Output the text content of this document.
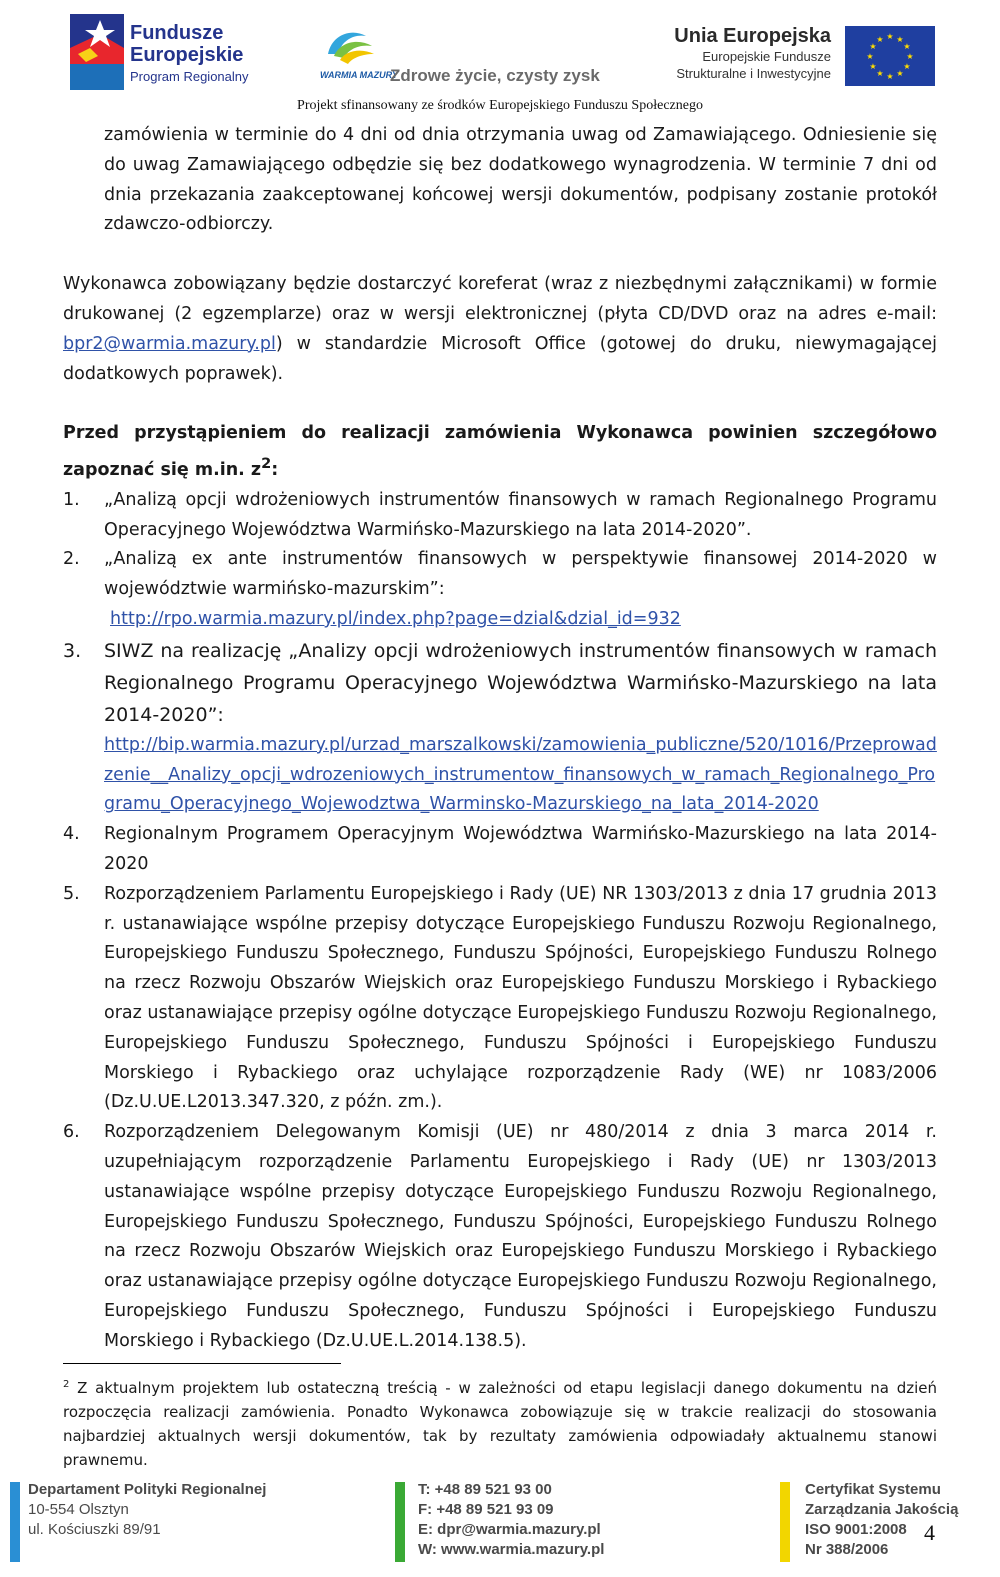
Fundusze
Europejskie
Program Regionalny	WARMIA MAZURY
Zdrowe życie, czysty zysk
Unia Europejska
Europejskie Fundusze
Strukturalne i Inwestycyjne
★ ★
★
★
★
★
★
★
★
★
★
★
Projekt sfinansowany ze środków Europejskiego Funduszu Społecznego

zamówienia w terminie do 4 dni od dnia otrzymania uwag od Zamawiającego. Odniesienie się do uwag Zamawiającego odbędzie się bez dodatkowego wynagrodzenia. W terminie 7 dni od dnia przekazania zaakceptowanej końcowej wersji dokumentów, podpisany zostanie protokół zdawczo-odbiorczy.

Wykonawca zobowiązany będzie dostarczyć koreferat (wraz z niezbędnymi załącznikami) w formie drukowanej (2 egzemplarze) oraz w wersji elektronicznej (płyta CD/DVD oraz na adres e-mail: bpr2@warmia.mazury.pl) w standardzie Microsoft Office (gotowej do druku, niewymagającej dodatkowych poprawek).

Przed przystąpieniem do realizacji zamówienia Wykonawca powinien szczegółowo zapoznać się m.in. $z^2$:

1. „Analizą opcji wdrożeniowych instrumentów finansowych w ramach Regionalnego Programu Operacyjnego Województwa Warmińsko-Mazurskiego na lata 2014-2020”.
2. „Analizą ex ante instrumentów finansowych w perspektywie finansowej 2014-2020 w województwie warmińsko-mazurskim”:
http://rpo.warmia.mazury.pl/index.php?page=dzial&dzial_id=932
3. SIWZ na realizację „Analizy opcji wdrożeniowych instrumentów finansowych w ramach Regionalnego Programu Operacyjnego Województwa Warmińsko-Mazurskiego na lata 2014-2020”:
http://bip.warmia.mazury.pl/urzad_marszalkowski/zamowienia_publiczne/520/1016/Przeprowadzenie__Analizy_opcji_wdrozeniowych_instrumentow_finansowych_w_ramach_Regionalnego_Programu_Operacyjnego_Wojewodztwa_Warminsko-Mazurskiego_na_lata_2014-2020
4. Regionalnym Programem Operacyjnym Województwa Warmińsko-Mazurskiego na lata 2014-2020
5. Rozporządzeniem Parlamentu Europejskiego i Rady (UE) NR 1303/2013 z dnia 17 grudnia 2013 r. ustanawiające wspólne przepisy dotyczące Europejskiego Funduszu Rozwoju Regionalnego, Europejskiego Funduszu Społecznego, Funduszu Spójności, Europejskiego Funduszu Rolnego na rzecz Rozwoju Obszarów Wiejskich oraz Europejskiego Funduszu Morskiego i Rybackiego oraz ustanawiające przepisy ogólne dotyczące Europejskiego Funduszu Rozwoju Regionalnego, Europejskiego Funduszu Społecznego, Funduszu Spójności i Europejskiego Funduszu Morskiego i Rybackiego oraz uchylające rozporządzenie Rady (WE) nr 1083/2006 (Dz.U.UE.L2013.347.320, z późn. zm.).
6. Rozporządzeniem Delegowanym Komisji (UE) nr 480/2014 z dnia 3 marca 2014 r. uzupełniającym rozporządzenie Parlamentu Europejskiego i Rady (UE) nr 1303/2013 ustanawiające wspólne przepisy dotyczące Europejskiego Funduszu Rozwoju Regionalnego, Europejskiego Funduszu Społecznego, Funduszu Spójności, Europejskiego Funduszu Rolnego na rzecz Rozwoju Obszarów Wiejskich oraz Europejskiego Funduszu Morskiego i Rybackiego oraz ustanawiające przepisy ogólne dotyczące Europejskiego Funduszu Rozwoju Regionalnego, Europejskiego Funduszu Społecznego, Funduszu Spójności i Europejskiego Funduszu Morskiego i Rybackiego (Dz.U.UE.L.2014.138.5).
$^2$ Z aktualnym projektem lub ostateczną treścią - w zależności od etapu legislacji danego dokumentu na dzień rozpoczęcia realizacji zamówienia. Ponadto Wykonawca zobowiązuje się w trakcie realizacji do stosowania najbardziej aktualnych wersji dokumentów, tak by rezultaty zamówienia odpowiadały aktualnemu stanowi prawnemu.
Departament Polityki Regionalnej
10-554 Olsztyn
ul. Kościuszki 89/91
T: +48 89 521 93 00
F: +48 89 521 93 09
E: dpr@warmia.mazury.pl
W: www.warmia.mazury.pl
Certyfikat Systemu
Zarządzania Jakością
ISO 9001:2008
Nr 388/2006
4
